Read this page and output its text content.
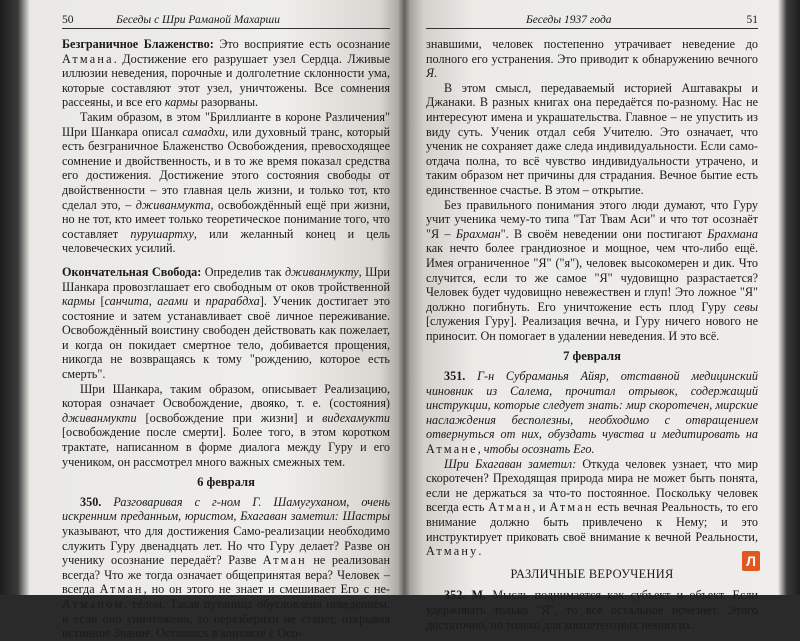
50	Беседы с Шри Раманой Махарши

Безграничное Блаженство: Это восприятие есть осознание Атмана. Достижение его разрушает узел Сердца. Лживые иллюзии неведения, порочные и долголетние склонности ума, которые составляют этот узел, уничтожены. Все сомнения рассеяны, и все его кармы разорваны.

Таким образом, в этом "Бриллианте в короне Различения" Шри Шанкара описал самадхи, или духовный транс, который есть безграничное Блаженство Освобождения, превосходящее сомнение и двойственность, и в то же время показал средства его достижения. Достижение этого состояния свободы от двойственности – это главная цель жизни, и только тот, кто сделал это, – дживанмукта, освобождённый ещё при жизни, но не тот, кто имеет только теоретическое понимание того, что составляет пурушартху, или желанный конец и цель человеческих усилий.

Окончательная Свобода: Определив так дживанмукту, Шри Шанкара провозглашает его свободным от оков тройственной кармы [санчита, агами и прарабдха]. Ученик достигает это состояние и затем устанавливает своё личное переживание. Освобождённый воистину свободен действовать как пожелает, и когда он покидает смертное тело, добивается прощения, никогда не возвращаясь к тому "рождению, которое есть смерть".

Шри Шанкара, таким образом, описывает Реализацию, которая означает Освобождение, двояко, т. е. (состояния) дживанмукти [освобождение при жизни] и видехамукти [освобождение после смерти]. Более того, в этом коротком трактате, написанном в форме диалога между Гуру и его учеником, он рассмотрел много важных смежных тем.

6 февраля

350. Разговаривая с г-ном Г. Шамугуханом, очень искренним преданным, юристом, Бхагаван заметил: Шастры указывают, что для достижения Само-реализации необходимо служить Гуру двенадцать лет. Но что Гуру делает? Разве он ученику осознание передаёт? Разве Атман не реализован всегда? Что же тогда означает общепринятая вера? Человек – всегда Атман, но он этого не знает и смешивает Его с не-Атманом, телом. Такая путаница обусловлена неведением, и если оно уничтожено, то неразберихи не станет, открывая истинное Знание. Оставаясь в контакте с Осо-

Беседы 1937 года	51

знавшими, человек постепенно утрачивает неведение до полного его устранения. Это приводит к обнаружению вечного Я.

В этом смысл, передаваемый историей Аштавакры и Джанаки. В разных книгах она передаётся по-разному. Нас не интересуют имена и украшательства. Главное – не упустить из виду суть. Ученик отдал себя Учителю. Это означает, что ученик не сохраняет даже следа индивидуальности. Если само-отдача полна, то всё чувство индивидуальности утрачено, и таким образом нет причины для страдания. Вечное бытие есть единственное счастье. В этом – открытие.

Без правильного понимания этого люди думают, что Гуру учит ученика чему-то типа "Тат Твам Аси" и что тот осознаёт "Я – Брахман". В своём неведении они постигают Брахмана как нечто более грандиозное и мощное, чем что-либо ещё. Имея ограниченное "Я" ("я"), человек высокомерен и дик. Что случится, если то же самое "Я" чудовищно разрастается? Человек будет чудовищно невежествен и глуп! Это ложное "Я" должно погибнуть. Его уничтожение есть плод Гуру севы [служения Гуру]. Реализация вечна, и Гуру ничего нового не приносит. Он помогает в удалении неведения. И это всё.

7 февраля

351. Г-н Субраманья Айяр, отставной медицинский чиновник из Салема, прочитал отрывок, содержащий инструкции, которые следует знать: мир скоротечен, мирские наслаждения бесполезны, необходимо с отвращением отвернуться от них, обуздать чувства и медитировать на Атмане, чтобы осознать Его.

Шри Бхагаван заметил: Откуда человек узнает, что мир скоротечен? Преходящая природа мира не может быть понята, если не держаться за что-то постоянное. Поскольку человек всегда есть Атман, и Атман есть вечная Реальность, то его внимание должно быть привлечено к Нему; и это инструктирует приковать своё внимание к вечной Реальности, Атману.

РАЗЛИЧНЫЕ ВЕРОУЧЕНИЯ

352. М. Мысль поднимается как субъект и объект. Если удерживать только "Я", то всё остальное исчезнет. Этого достаточно, но только для компетентных немногих.

Л
